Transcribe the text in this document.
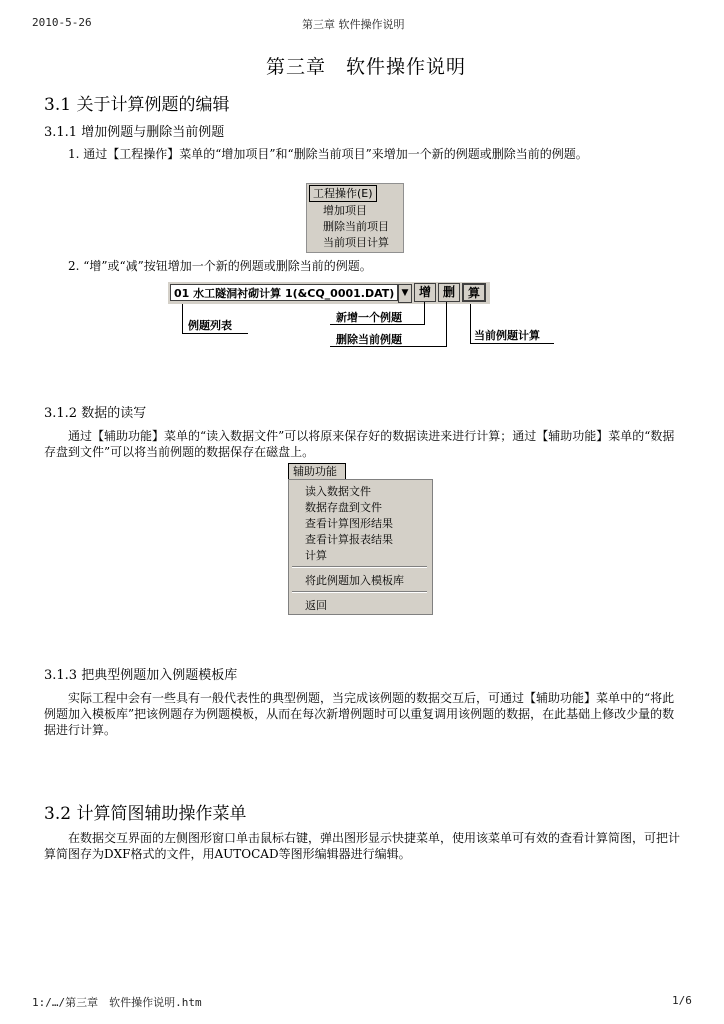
2010-5-26	第三章 软件操作说明
第三章　软件操作说明
3.1 关于计算例题的编辑
3.1.1 增加例题与删除当前例题
1. 通过【工程操作】菜单的“增加项目”和“删除当前项目”来增加一个新的例题或删除当前的例题。
工程操作(E)
增加项目
删除当前项目
当前项目计算
2. “增”或“减”按钮增加一个新的例题或删除当前的例题。
01 水工隧洞衬砌计算 1(&CQ_0001.DAT) ▼ 增 删	算
例题列表
新增一个例题
删除当前例题	当前例题计算
3.1.2 数据的读写
通过【辅助功能】菜单的“读入数据文件”可以将原来保存好的数据读进来进行计算；通过【辅助功能】菜单的“数据存盘到文件”可以将当前例题的数据保存在磁盘上。
辅助功能
读入数据文件
数据存盘到文件
查看计算图形结果
查看计算报表结果
计算
将此例题加入模板库
返回
3.1.3 把典型例题加入例题模板库
实际工程中会有一些具有一般代表性的典型例题，当完成该例题的数据交互后，可通过【辅助功能】菜单中的“将此例题加入模板库”把该例题存为例题模板，从而在每次新增例题时可以重复调用该例题的数据，在此基础上修改少量的数据进行计算。
3.2 计算简图辅助操作菜单
在数据交互界面的左侧图形窗口单击鼠标右键，弹出图形显示快捷菜单，使用该菜单可有效的查看计算简图，可把计算简图存为DXF格式的文件，用AUTOCAD等图形编辑器进行编辑。
1:/…/第三章　软件操作说明.htm	1/6
